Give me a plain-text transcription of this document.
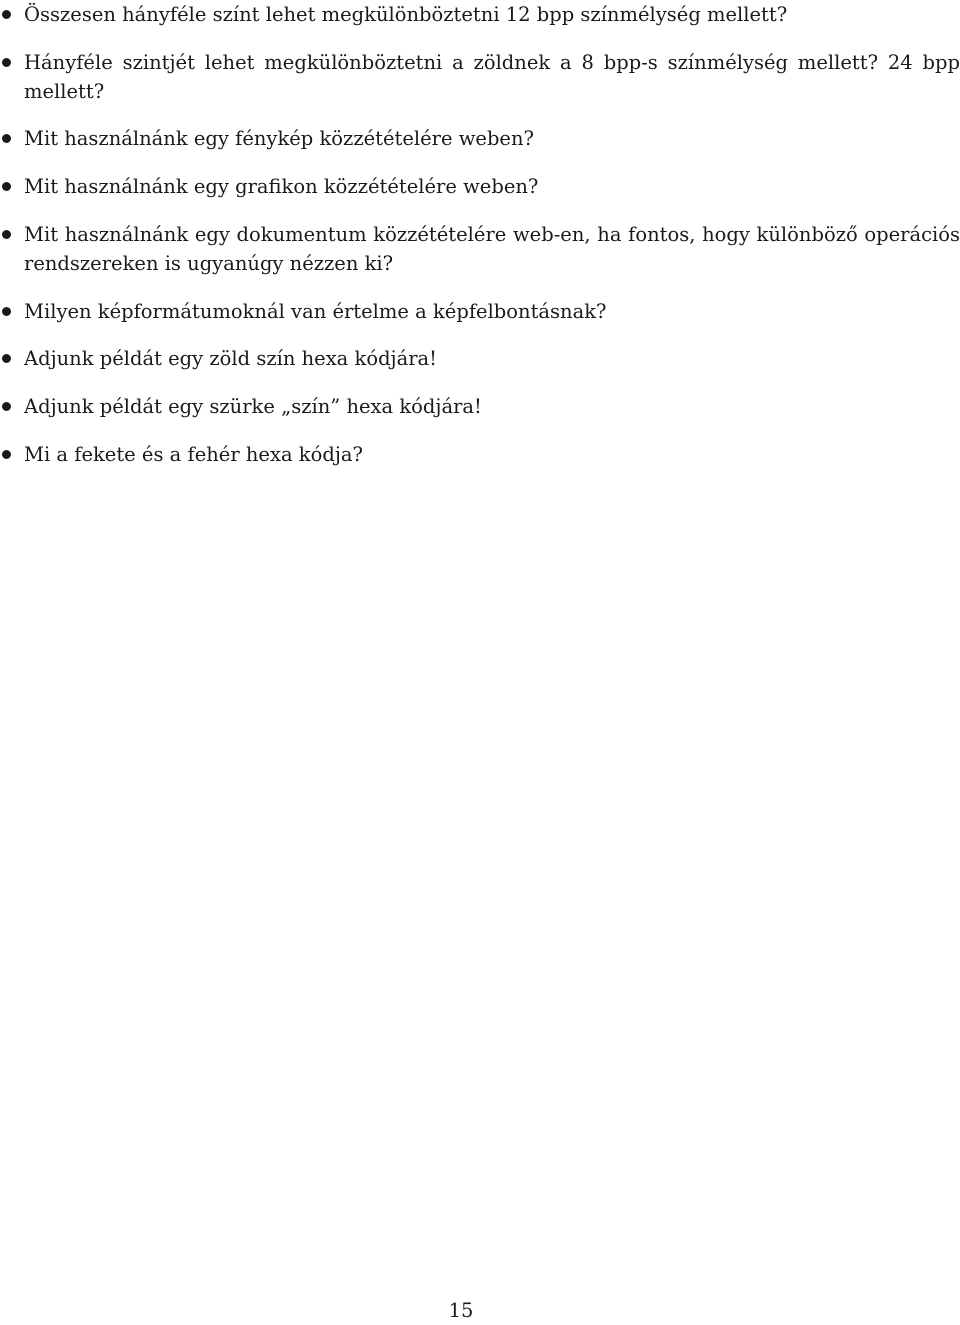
Összesen hányféle színt lehet megkülönböztetni 12 bpp színmélység mellett?
Hányféle szintjét lehet megkülönböztetni a zöldnek a 8 bpp-s színmélység mellett? 24 bpp mellett?
Mit használnánk egy fénykép közzétételére weben?
Mit használnánk egy grafikon közzétételére weben?
Mit használnánk egy dokumentum közzétételére web-en, ha fontos, hogy különböző operációs rendszereken is ugyanúgy nézzen ki?
Milyen képformátumoknál van értelme a képfelbontásnak?
Adjunk példát egy zöld szín hexa kódjára!
Adjunk példát egy szürke „szín” hexa kódjára!
Mi a fekete és a fehér hexa kódja?
15
